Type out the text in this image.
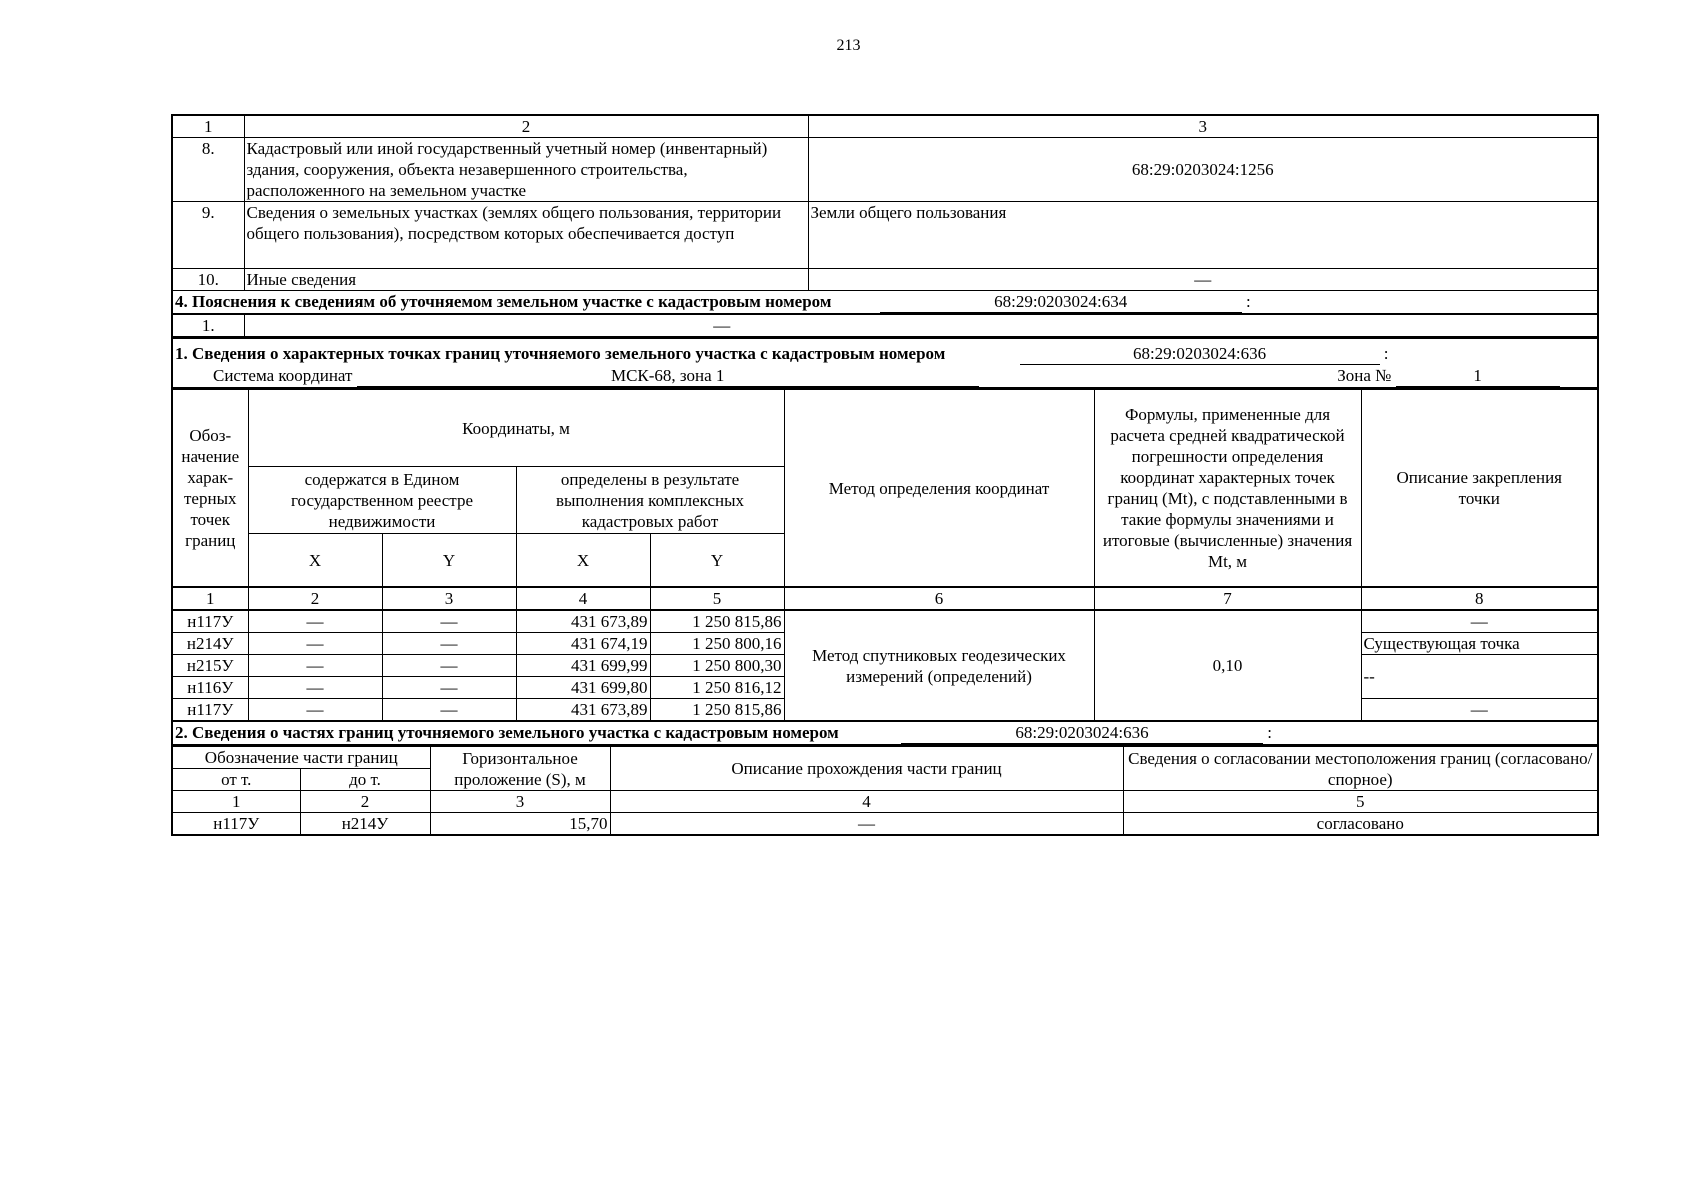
213
1	2	3
8.	Кадастровый или иной государственный учетный номер (инвентарный) здания, сооружения, объекта незавершенного строительства, расположенного на земельном участке	68:29:0203024:1256
9.	Сведения о земельных участках (землях общего пользования, территории общего пользования), посредством которых обеспечивается доступ	Земли общего пользования
10.	Иные сведения	—
4. Пояснения к сведениям об уточняемом земельном участке с кадастровым номером 68:29:0203024:634 :		
1.	—	
1. Сведения о характерных точках границ уточняемого земельного участка с кадастровым номером	68:29:0203024:636	:
Система координат	МСК-68, зона 1	Зона №	1
Обоз-начение харак-терных точек границ	Координаты, м				Метод определения координат	Формулы, примененные для расчета средней квадратической погрешности определения координат характерных точек границ (Mt), с подставленными в такие формулы значениями и итоговые (вычисленные) значения Mt, м	Описание закрепления точки
	содержатся в Едином государственном реестре недвижимости		определены в результате выполнения комплексных кадастровых работ				
	X	Y	X	Y			
1	2	3	4	5	6	7	8
н117У	—	—	431 673,89	1 250 815,86	Метод спутниковых геодезических измерений (определений)	0,10	—
н214У	—	—	431 674,19	1 250 800,16			Существующая точка
н215У	—	—	431 699,99	1 250 800,30			--
н116У	—	—	431 699,80	1 250 816,12			
н117У	—	—	431 673,89	1 250 815,86			—
2. Сведения о частях границ уточняемого земельного участка с кадастровым номером 68:29:0203024:636 :							
Обозначение части границ		Горизонтальное проложение (S), м	Описание прохождения части границ	Сведения о согласовании местоположения границ (согласовано/спорное)
от т.	до т.			
1	2	3	4	5
н117У	н214У	15,70	—	согласовано
